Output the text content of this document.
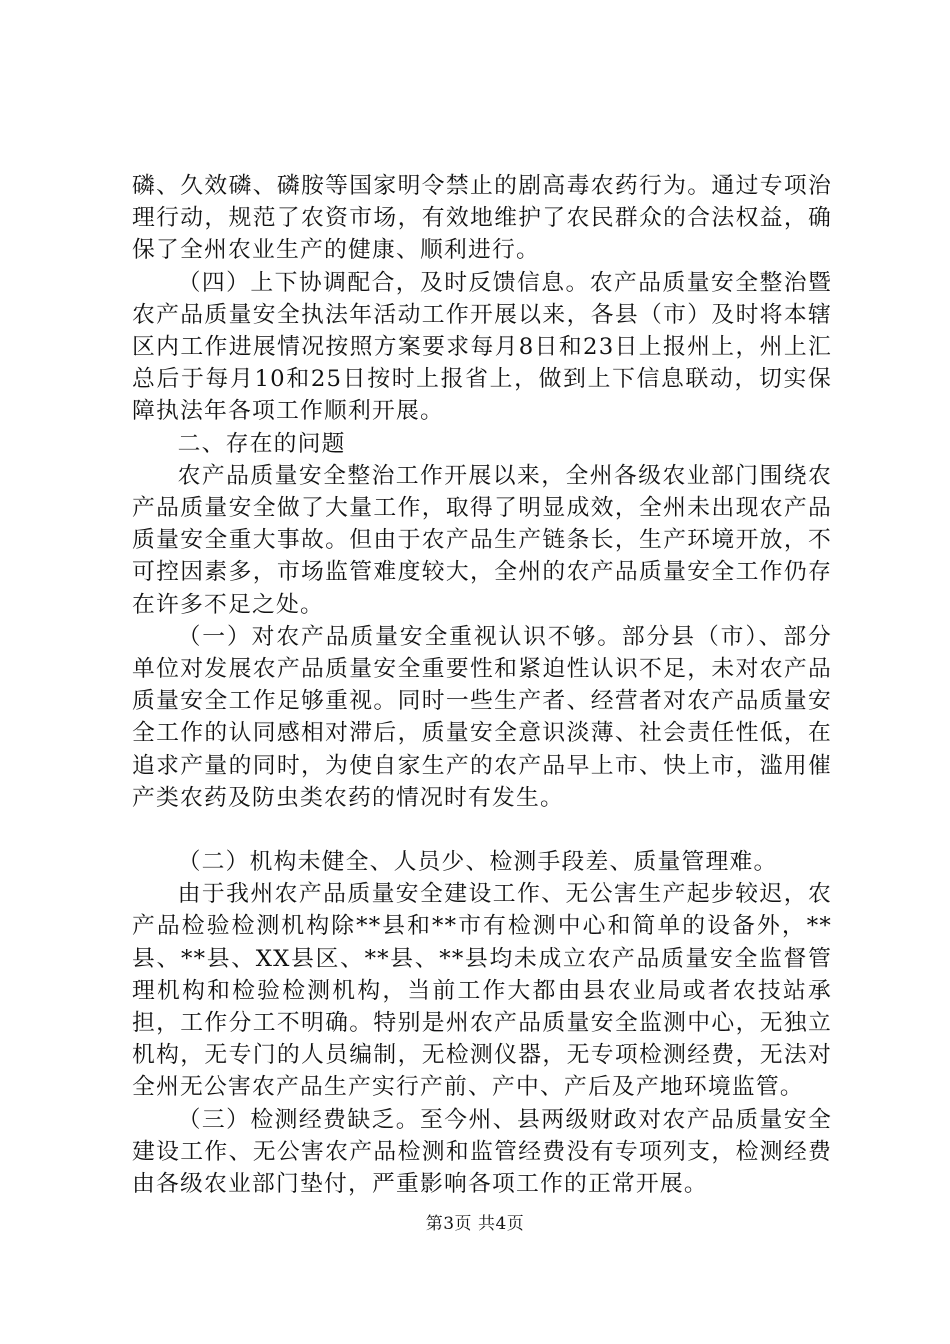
磷、久效磷、磷胺等国家明令禁止的剧高毒农药行为。通过专项治理行动，规范了农资市场，有效地维护了农民群众的合法权益，确保了全州农业生产的健康、顺利进行。

（四）上下协调配合，及时反馈信息。农产品质量安全整治暨农产品质量安全执法年活动工作开展以来，各县（市）及时将本辖区内工作进展情况按照方案要求每月8日和23日上报州上，州上汇总后于每月10和25日按时上报省上，做到上下信息联动，切实保障执法年各项工作顺利开展。

二、存在的问题

农产品质量安全整治工作开展以来，全州各级农业部门围绕农产品质量安全做了大量工作，取得了明显成效，全州未出现农产品质量安全重大事故。但由于农产品生产链条长，生产环境开放，不可控因素多，市场监管难度较大，全州的农产品质量安全工作仍存在许多不足之处。

（一）对农产品质量安全重视认识不够。部分县（市）、部分单位对发展农产品质量安全重要性和紧迫性认识不足，未对农产品质量安全工作足够重视。同时一些生产者、经营者对农产品质量安全工作的认同感相对滞后，质量安全意识淡薄、社会责任性低，在追求产量的同时，为使自家生产的农产品早上市、快上市，滥用催产类农药及防虫类农药的情况时有发生。

（二）机构未健全、人员少、检测手段差、质量管理难。

由于我州农产品质量安全建设工作、无公害生产起步较迟，农产品检验检测机构除**县和**市有检测中心和简单的设备外，**县、**县、XX县区、**县、**县均未成立农产品质量安全监督管理机构和检验检测机构，当前工作大都由县农业局或者农技站承担，工作分工不明确。特别是州农产品质量安全监测中心，无独立机构，无专门的人员编制，无检测仪器，无专项检测经费，无法对全州无公害农产品生产实行产前、产中、产后及产地环境监管。

（三）检测经费缺乏。至今州、县两级财政对农产品质量安全建设工作、无公害农产品检测和监管经费没有专项列支，检测经费由各级农业部门垫付，严重影响各项工作的正常开展。

第3页 共4页
